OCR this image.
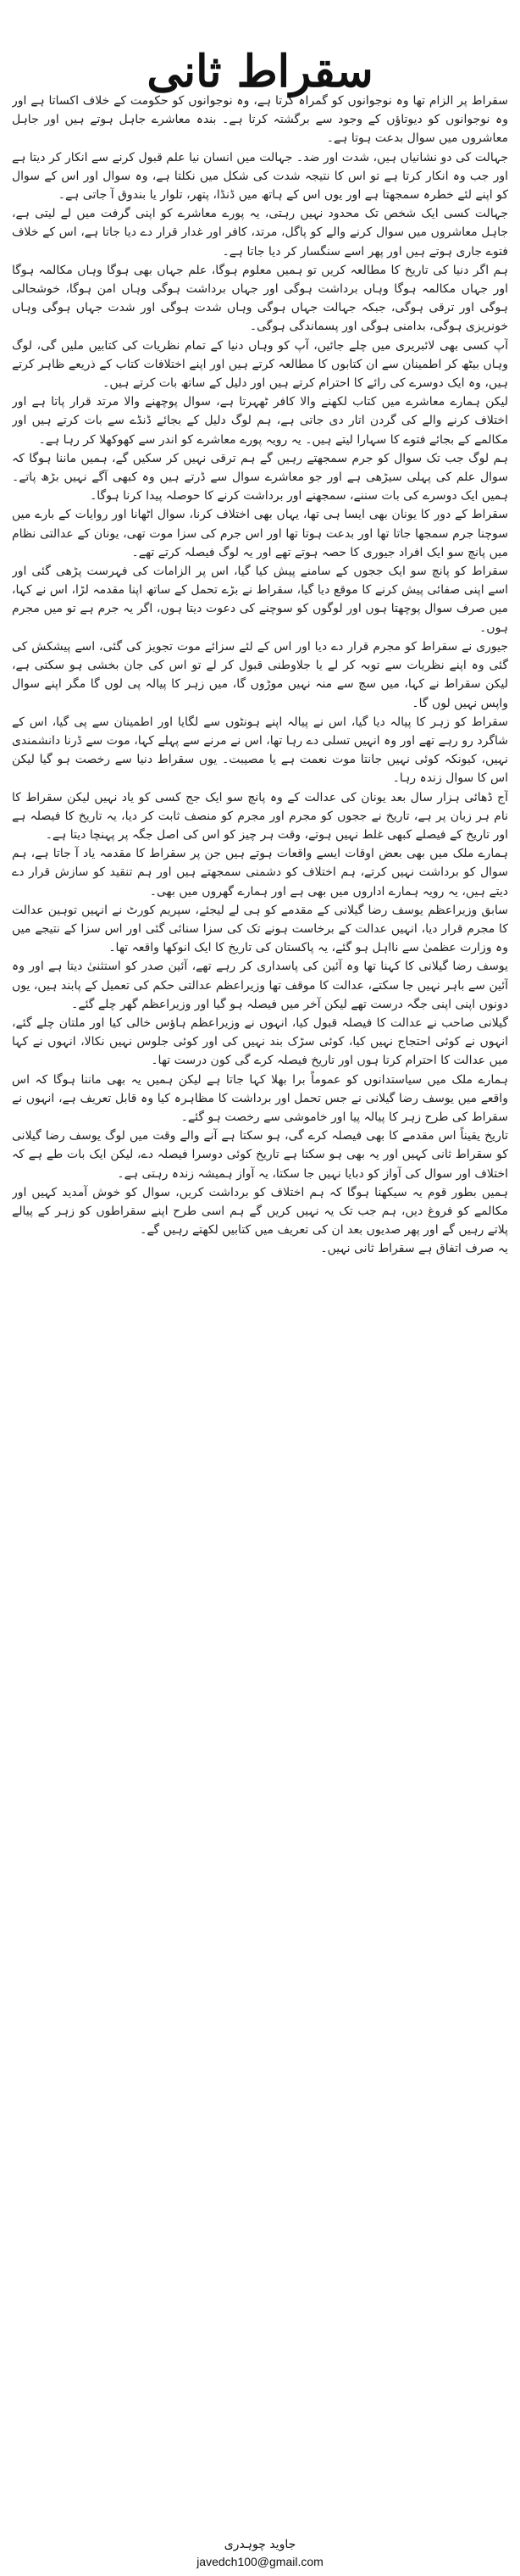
سقراط ثانی

سقراط پر الزام تھا وہ نوجوانوں کو گمراہ کرتا ہے، وہ نوجوانوں کو حکومت کے خلاف اکساتا ہے اور وہ نوجوانوں کو دیوتاؤں کے وجود سے برگشتہ کرتا ہے۔ بندہ معاشرے جاہل ہوتے ہیں اور جاہل معاشروں میں سوال بدعت ہوتا ہے۔

جہالت کی دو نشانیاں ہیں، شدت اور ضد۔ جہالت میں انسان نیا علم قبول کرنے سے انکار کر دیتا ہے اور جب وہ انکار کرتا ہے تو اس کا نتیجہ شدت کی شکل میں نکلتا ہے، وہ سوال اور اس کے سوال کو اپنے لئے خطرہ سمجھتا ہے اور یوں اس کے ہاتھ میں ڈنڈا، پتھر، تلوار یا بندوق آ جاتی ہے۔

جہالت کسی ایک شخص تک محدود نہیں رہتی، یہ پورے معاشرے کو اپنی گرفت میں لے لیتی ہے، جاہل معاشروں میں سوال کرنے والے کو پاگل، مرتد، کافر اور غدار قرار دے دیا جاتا ہے، اس کے خلاف فتوے جاری ہوتے ہیں اور پھر اسے سنگسار کر دیا جاتا ہے۔

ہم اگر دنیا کی تاریخ کا مطالعہ کریں تو ہمیں معلوم ہوگا، علم جہاں بھی ہوگا وہاں مکالمہ ہوگا اور جہاں مکالمہ ہوگا وہاں برداشت ہوگی اور جہاں برداشت ہوگی وہاں امن ہوگا، خوشحالی ہوگی اور ترقی ہوگی، جبکہ جہالت جہاں ہوگی وہاں شدت ہوگی اور شدت جہاں ہوگی وہاں خونریزی ہوگی، بدامنی ہوگی اور پسماندگی ہوگی۔

آپ کسی بھی لائبریری میں چلے جائیں، آپ کو وہاں دنیا کے تمام نظریات کی کتابیں ملیں گی، لوگ وہاں بیٹھ کر اطمینان سے ان کتابوں کا مطالعہ کرتے ہیں اور اپنے اختلافات کتاب کے ذریعے ظاہر کرتے ہیں، وہ ایک دوسرے کی رائے کا احترام کرتے ہیں اور دلیل کے ساتھ بات کرتے ہیں۔

لیکن ہمارے معاشرے میں کتاب لکھنے والا کافر ٹھہرتا ہے، سوال پوچھنے والا مرتد قرار پاتا ہے اور اختلاف کرنے والے کی گردن اتار دی جاتی ہے، ہم لوگ دلیل کے بجائے ڈنڈے سے بات کرتے ہیں اور مکالمے کے بجائے فتوے کا سہارا لیتے ہیں۔ یہ رویہ پورے معاشرے کو اندر سے کھوکھلا کر رہا ہے۔

ہم لوگ جب تک سوال کو جرم سمجھتے رہیں گے ہم ترقی نہیں کر سکیں گے، ہمیں ماننا ہوگا کہ سوال علم کی پہلی سیڑھی ہے اور جو معاشرے سوال سے ڈرتے ہیں وہ کبھی آگے نہیں بڑھ پاتے۔ ہمیں ایک دوسرے کی بات سننے، سمجھنے اور برداشت کرنے کا حوصلہ پیدا کرنا ہوگا۔

سقراط کے دور کا یونان بھی ایسا ہی تھا، یہاں بھی اختلاف کرنا، سوال اٹھانا اور روایات کے بارے میں سوچنا جرم سمجھا جاتا تھا اور بدعت ہوتا تھا اور اس جرم کی سزا موت تھی، یونان کے عدالتی نظام میں پانچ سو ایک افراد جیوری کا حصہ ہوتے تھے اور یہ لوگ فیصلہ کرتے تھے۔

سقراط کو پانچ سو ایک ججوں کے سامنے پیش کیا گیا، اس پر الزامات کی فہرست پڑھی گئی اور اسے اپنی صفائی پیش کرنے کا موقع دیا گیا، سقراط نے بڑے تحمل کے ساتھ اپنا مقدمہ لڑا، اس نے کہا، میں صرف سوال پوچھتا ہوں اور لوگوں کو سوچنے کی دعوت دیتا ہوں، اگر یہ جرم ہے تو میں مجرم ہوں۔

جیوری نے سقراط کو مجرم قرار دے دیا اور اس کے لئے سزائے موت تجویز کی گئی، اسے پیشکش کی گئی وہ اپنے نظریات سے توبہ کر لے یا جلاوطنی قبول کر لے تو اس کی جان بخشی ہو سکتی ہے، لیکن سقراط نے کہا، میں سچ سے منہ نہیں موڑوں گا، میں زہر کا پیالہ پی لوں گا مگر اپنے سوال واپس نہیں لوں گا۔

سقراط کو زہر کا پیالہ دیا گیا، اس نے پیالہ اپنے ہونٹوں سے لگایا اور اطمینان سے پی گیا، اس کے شاگرد رو رہے تھے اور وہ انہیں تسلی دے رہا تھا، اس نے مرنے سے پہلے کہا، موت سے ڈرنا دانشمندی نہیں، کیونکہ کوئی نہیں جانتا موت نعمت ہے یا مصیبت۔ یوں سقراط دنیا سے رخصت ہو گیا لیکن اس کا سوال زندہ رہا۔

آج ڈھائی ہزار سال بعد یونان کی عدالت کے وہ پانچ سو ایک جج کسی کو یاد نہیں لیکن سقراط کا نام ہر زبان پر ہے، تاریخ نے ججوں کو مجرم اور مجرم کو منصف ثابت کر دیا، یہ تاریخ کا فیصلہ ہے اور تاریخ کے فیصلے کبھی غلط نہیں ہوتے، وقت ہر چیز کو اس کی اصل جگہ پر پہنچا دیتا ہے۔

ہمارے ملک میں بھی بعض اوقات ایسے واقعات ہوتے ہیں جن پر سقراط کا مقدمہ یاد آ جاتا ہے، ہم سوال کو برداشت نہیں کرتے، ہم اختلاف کو دشمنی سمجھتے ہیں اور ہم تنقید کو سازش قرار دے دیتے ہیں، یہ رویہ ہمارے اداروں میں بھی ہے اور ہمارے گھروں میں بھی۔

سابق وزیراعظم یوسف رضا گیلانی کے مقدمے کو ہی لے لیجئے، سپریم کورٹ نے انہیں توہین عدالت کا مجرم قرار دیا، انہیں عدالت کے برخاست ہونے تک کی سزا سنائی گئی اور اس سزا کے نتیجے میں وہ وزارت عظمیٰ سے نااہل ہو گئے، یہ پاکستان کی تاریخ کا ایک انوکھا واقعہ تھا۔

یوسف رضا گیلانی کا کہنا تھا وہ آئین کی پاسداری کر رہے تھے، آئین صدر کو استثنیٰ دیتا ہے اور وہ آئین سے باہر نہیں جا سکتے، عدالت کا موقف تھا وزیراعظم عدالتی حکم کی تعمیل کے پابند ہیں، یوں دونوں اپنی اپنی جگہ درست تھے لیکن آخر میں فیصلہ ہو گیا اور وزیراعظم گھر چلے گئے۔

گیلانی صاحب نے عدالت کا فیصلہ قبول کیا، انہوں نے وزیراعظم ہاؤس خالی کیا اور ملتان چلے گئے، انہوں نے کوئی احتجاج نہیں کیا، کوئی سڑک بند نہیں کی اور کوئی جلوس نہیں نکالا، انہوں نے کہا میں عدالت کا احترام کرتا ہوں اور تاریخ فیصلہ کرے گی کون درست تھا۔

ہمارے ملک میں سیاستدانوں کو عموماً برا بھلا کہا جاتا ہے لیکن ہمیں یہ بھی ماننا ہوگا کہ اس واقعے میں یوسف رضا گیلانی نے جس تحمل اور برداشت کا مظاہرہ کیا وہ قابل تعریف ہے، انہوں نے سقراط کی طرح زہر کا پیالہ پیا اور خاموشی سے رخصت ہو گئے۔

تاریخ یقیناً اس مقدمے کا بھی فیصلہ کرے گی، ہو سکتا ہے آنے والے وقت میں لوگ یوسف رضا گیلانی کو سقراط ثانی کہیں اور یہ بھی ہو سکتا ہے تاریخ کوئی دوسرا فیصلہ دے، لیکن ایک بات طے ہے کہ اختلاف اور سوال کی آواز کو دبایا نہیں جا سکتا، یہ آواز ہمیشہ زندہ رہتی ہے۔

ہمیں بطور قوم یہ سیکھنا ہوگا کہ ہم اختلاف کو برداشت کریں، سوال کو خوش آمدید کہیں اور مکالمے کو فروغ دیں، ہم جب تک یہ نہیں کریں گے ہم اسی طرح اپنے سقراطوں کو زہر کے پیالے پلاتے رہیں گے اور پھر صدیوں بعد ان کی تعریف میں کتابیں لکھتے رہیں گے۔

یہ صرف اتفاق ہے سقراط ثانی نہیں۔

جاوید چوہدری
javedch100@gmail.com
